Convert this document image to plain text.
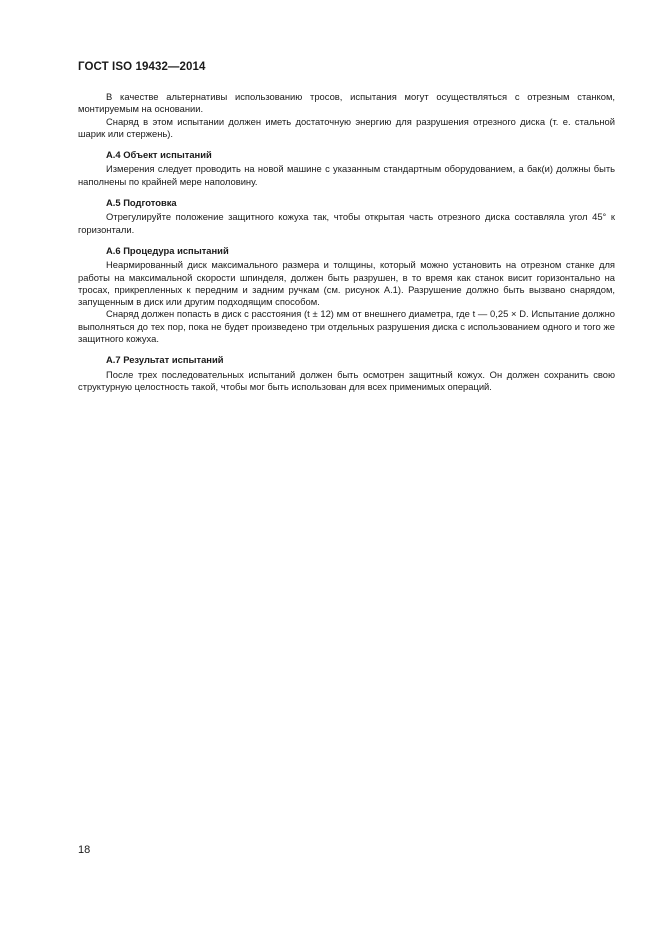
ГОСТ ISO 19432—2014

В качестве альтернативы использованию тросов, испытания могут осуществляться с отрезным станком, монтируемым на основании.

Снаряд в этом испытании должен иметь достаточную энергию для разрушения отрезного диска (т. е. стальной шарик или стержень).

A.4 Объект испытаний

Измерения следует проводить на новой машине с указанным стандартным оборудованием, а бак(и) должны быть наполнены по крайней мере наполовину.

A.5 Подготовка

Отрегулируйте положение защитного кожуха так, чтобы открытая часть отрезного диска составляла угол 45° к горизонтали.

A.6 Процедура испытаний

Неармированный диск максимального размера и толщины, который можно установить на отрезном станке для работы на максимальной скорости шпинделя, должен быть разрушен, в то время как станок висит горизонтально на тросах, прикрепленных к передним и задним ручкам (см. рисунок A.1). Разрушение должно быть вызвано снарядом, запущенным в диск или другим подходящим способом.

Снаряд должен попасть в диск с расстояния (t ± 12) мм от внешнего диаметра, где t — 0,25 × D. Испытание должно выполняться до тех пор, пока не будет произведено три отдельных разрушения диска с использованием одного и того же защитного кожуха.

A.7 Результат испытаний

После трех последовательных испытаний должен быть осмотрен защитный кожух. Он должен сохранить свою структурную целостность такой, чтобы мог быть использован для всех применимых операций.

18
